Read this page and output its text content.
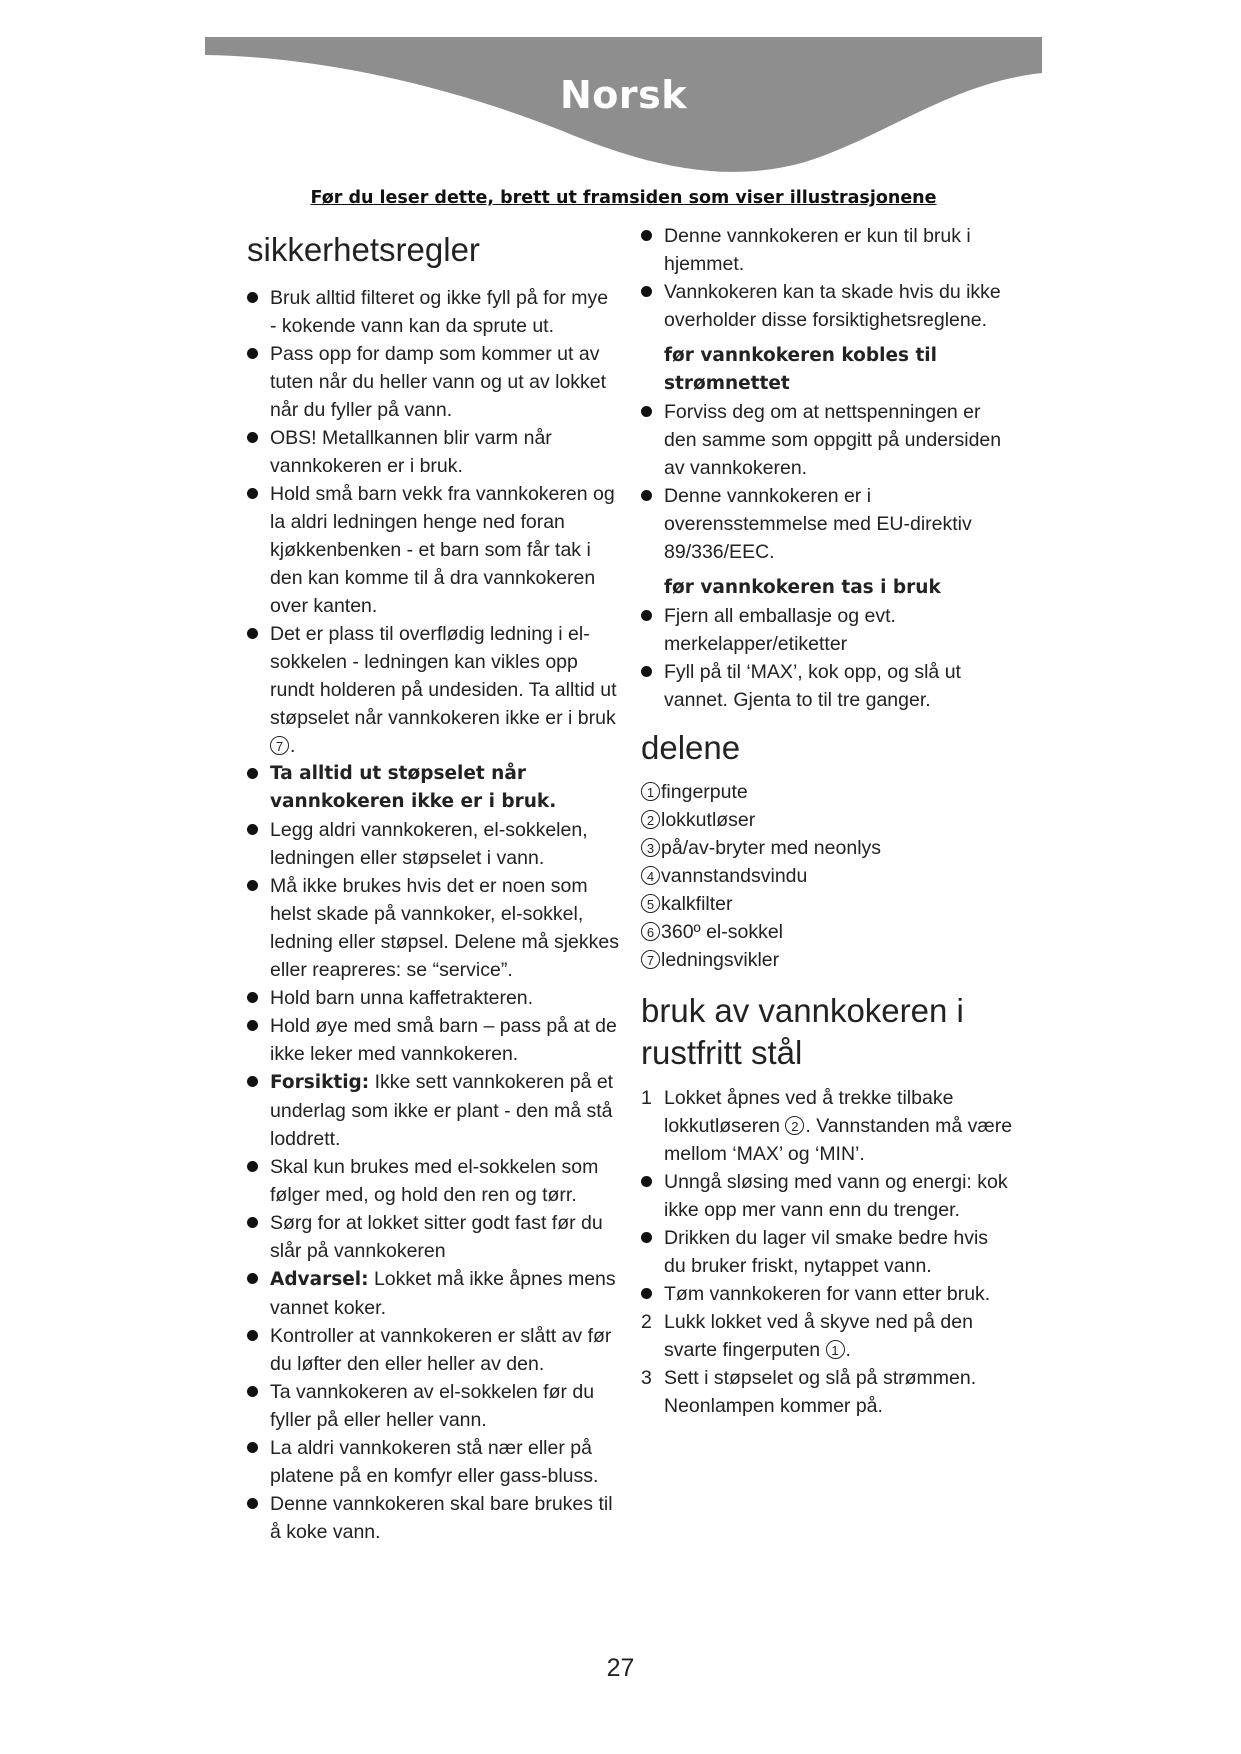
Norsk

Før du leser dette, brett ut framsiden som viser illustrasjonene

sikkerhetsregler
Bruk alltid filteret og ikke fyll på for mye - kokende vann kan da sprute ut.
Pass opp for damp som kommer ut av tuten når du heller vann og ut av lokket når du fyller på vann.
OBS! Metallkannen blir varm når vannkokeren er i bruk.
Hold små barn vekk fra vannkokeren og la aldri ledningen henge ned foran kjøkkenbenken - et barn som får tak i den kan komme til å dra vannkokeren over kanten.
Det er plass til overflødig ledning i el-sokkelen - ledningen kan vikles opp rundt holderen på undesiden. Ta alltid ut støpselet når vannkokeren ikke er i bruk 7 .
Ta alltid ut støpselet når vannkokeren ikke er i bruk.
Legg aldri vannkokeren, el-sokkelen, ledningen eller støpselet i vann.
Må ikke brukes hvis det er noen som helst skade på vannkoker, el-sokkel, ledning eller støpsel. Delene må sjekkes eller reapreres: se “service”.
Hold barn unna kaffetrakteren.
Hold øye med små barn – pass på at de ikke leker med vannkokeren.
Forsiktig: Ikke sett vannkokeren på et underlag som ikke er plant - den må stå loddrett.
Skal kun brukes med el-sokkelen som følger med, og hold den ren og tørr.
Sørg for at lokket sitter godt fast før du slår på vannkokeren
Advarsel: Lokket må ikke åpnes mens vannet koker.
Kontroller at vannkokeren er slått av før du løfter den eller heller av den.
Ta vannkokeren av el-sokkelen før du fyller på eller heller vann.
La aldri vannkokeren stå nær eller på platene på en komfyr eller gass-bluss.
Denne vannkokeren skal bare brukes til å koke vann.
Denne vannkokeren er kun til bruk i hjemmet.
Vannkokeren kan ta skade hvis du ikke overholder disse forsiktighetsreglene.

før vannkokeren kobles til strømnettet

Forviss deg om at nettspenningen er den samme som oppgitt på undersiden av vannkokeren.
Denne vannkokeren er i overensstemmelse med EU-direktiv 89/336/EEC.

før vannkokeren tas i bruk

Fjern all emballasje og evt. merkelapper/etiketter
Fyll på til ‘MAX’, kok opp, og slå ut vannet. Gjenta to til tre ganger.
delene
1 fingerpute
2 lokkutløser
3 på/av-bryter med neonlys
4 vannstandsvindu
5 kalkfilter
6 360º el-sokkel
7 ledningsvikler
bruk av vannkokeren i rustfritt stål
1 Lokket åpnes ved å trekke tilbake lokkutløseren 2 . Vannstanden må være mellom ‘MAX’ og ‘MIN’.
Unngå sløsing med vann og energi: kok ikke opp mer vann enn du trenger.
Drikken du lager vil smake bedre hvis du bruker friskt, nytappet vann.
Tøm vannkokeren for vann etter bruk.
2 Lukk lokket ved å skyve ned på den svarte fingerputen 1 .
3 Sett i støpselet og slå på strømmen. Neonlampen kommer på.

27
